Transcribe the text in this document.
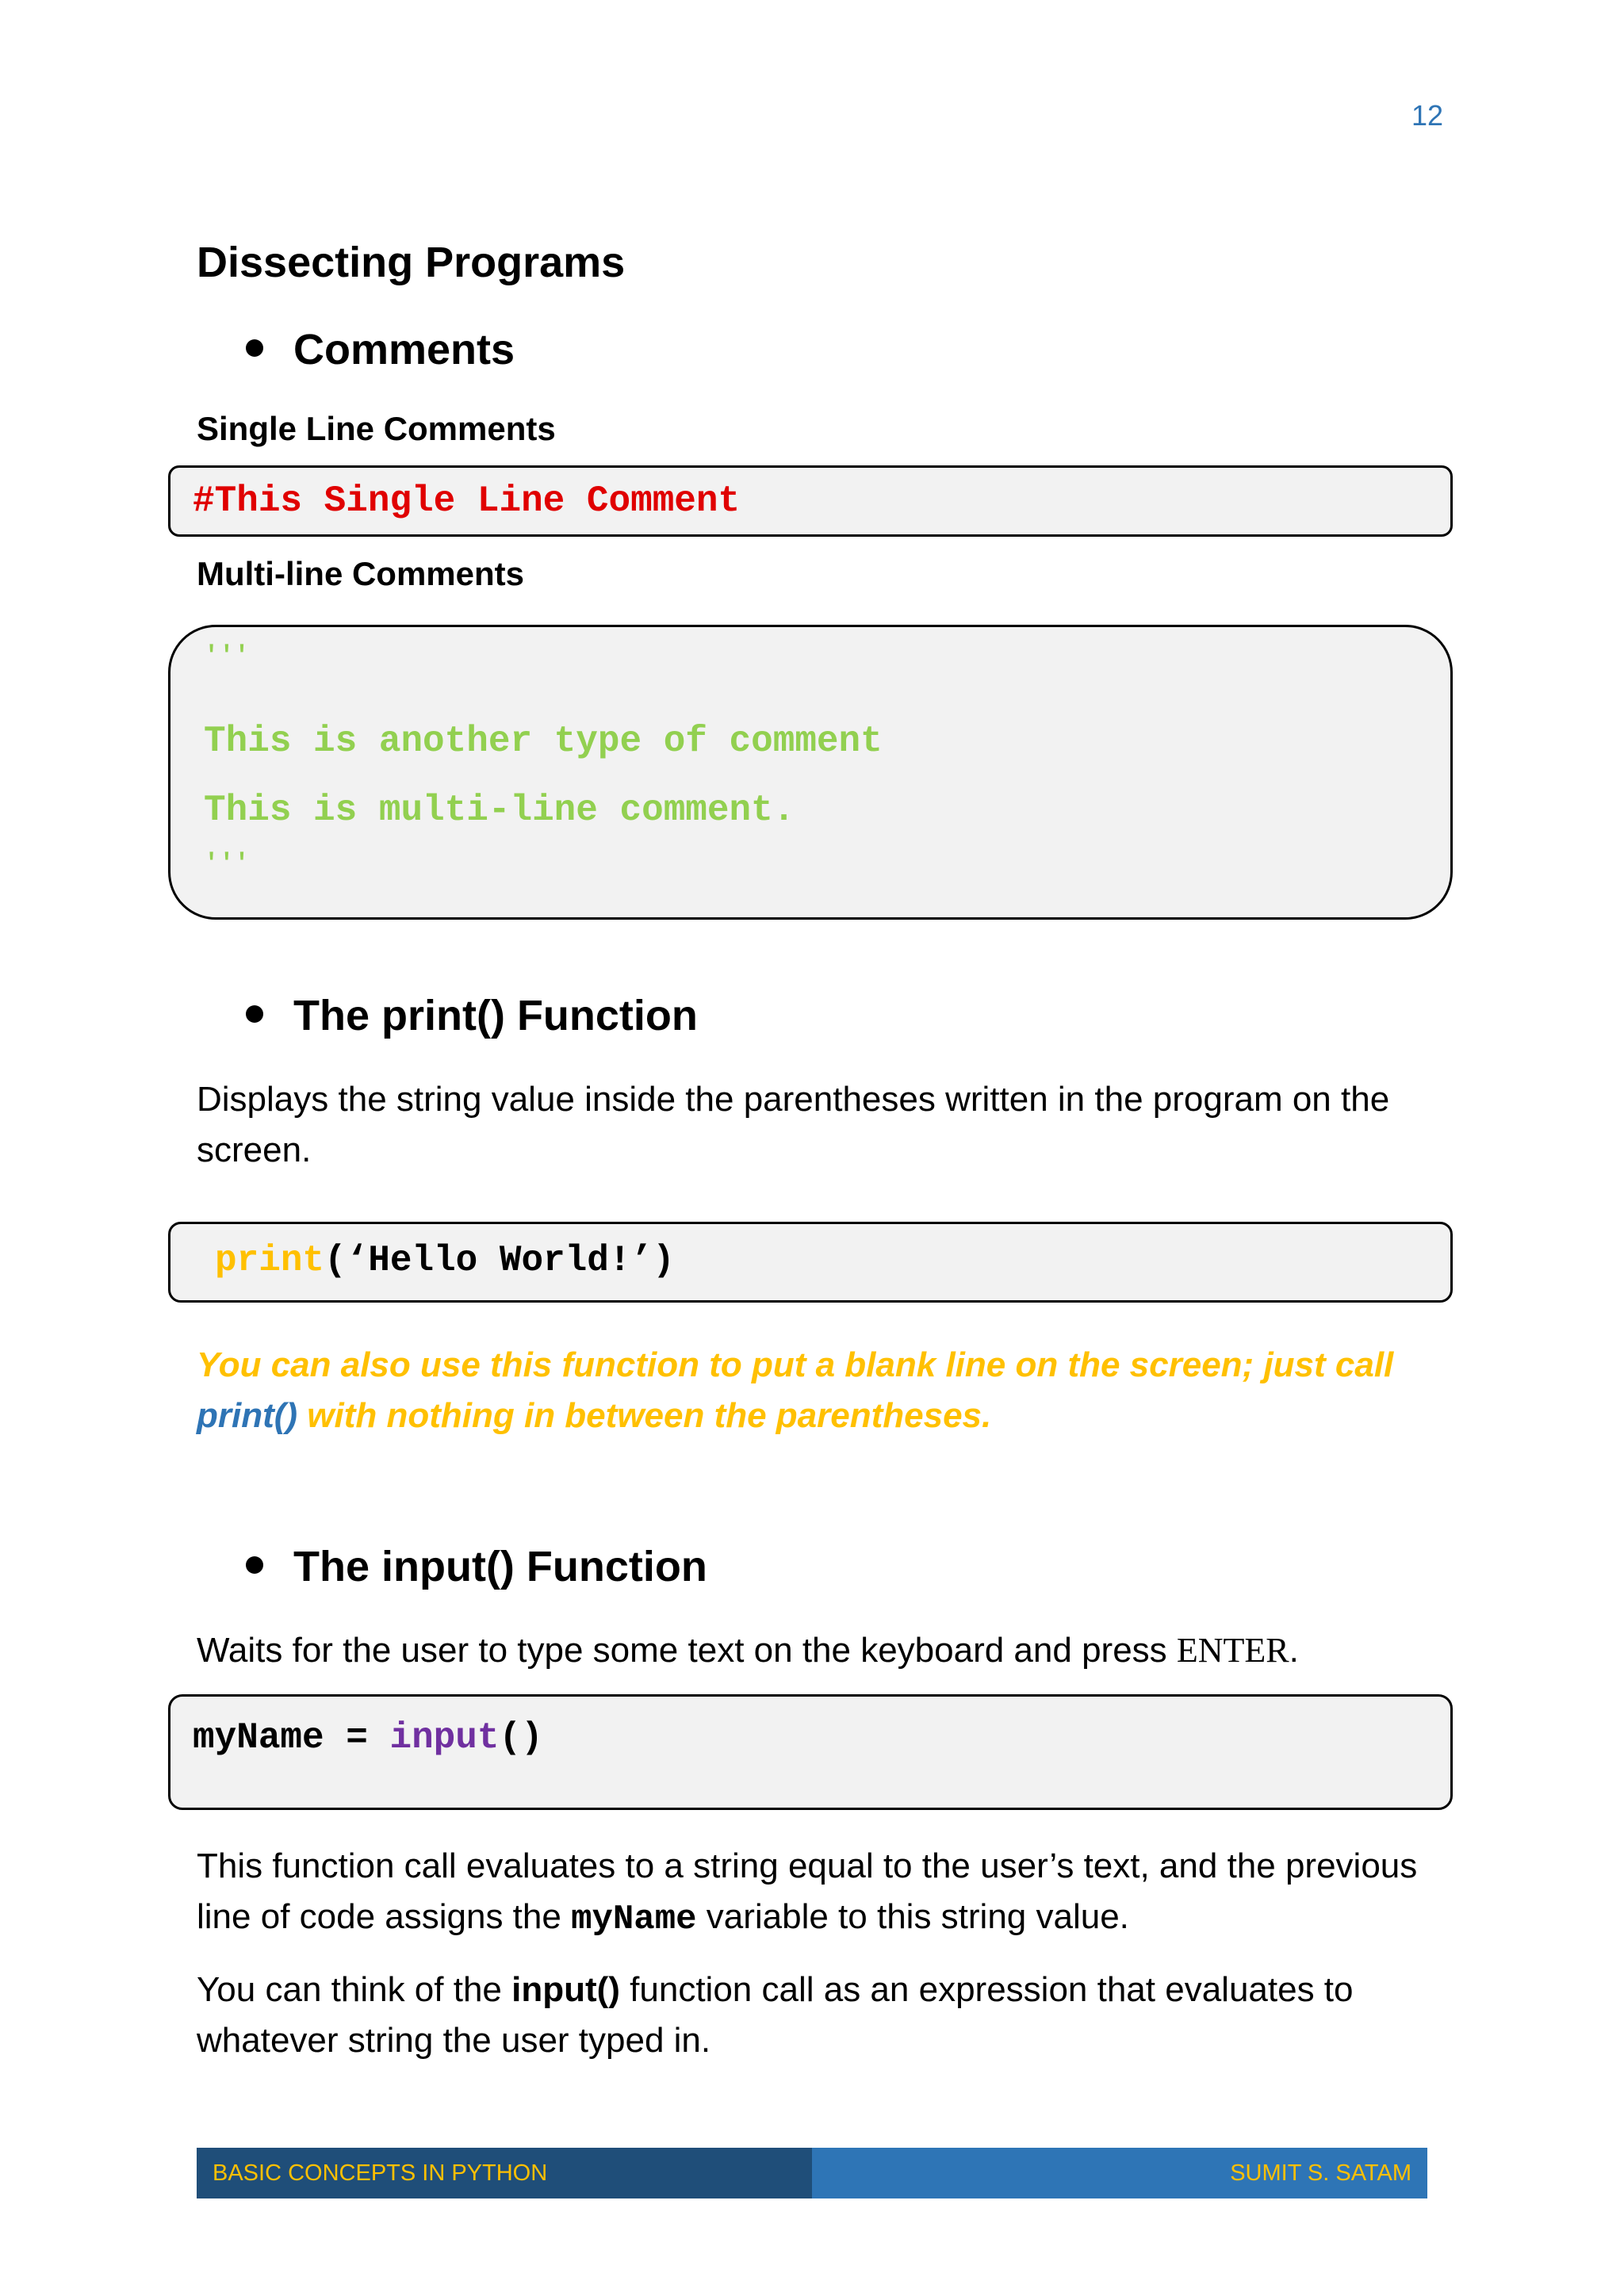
12
Dissecting Programs
Comments
Single Line Comments
#This Single Line Comment
Multi-line Comments
'''
This is another type of comment
This is multi-line comment.
'''
The print() Function
Displays the string value inside the parentheses written in the program on the screen.
print(‘Hello World!’)
You can also use this function to put a blank line on the screen; just call
print() with nothing in between the parentheses.
The input() Function
Waits for the user to type some text on the keyboard and press ENTER.
myName = input()
This function call evaluates to a string equal to the user’s text, and the previous line of code assigns the myName variable to this string value.
You can think of the input() function call as an expression that evaluates to whatever string the user typed in.
BASIC CONCEPTS IN PYTHON	SUMIT S. SATAM
